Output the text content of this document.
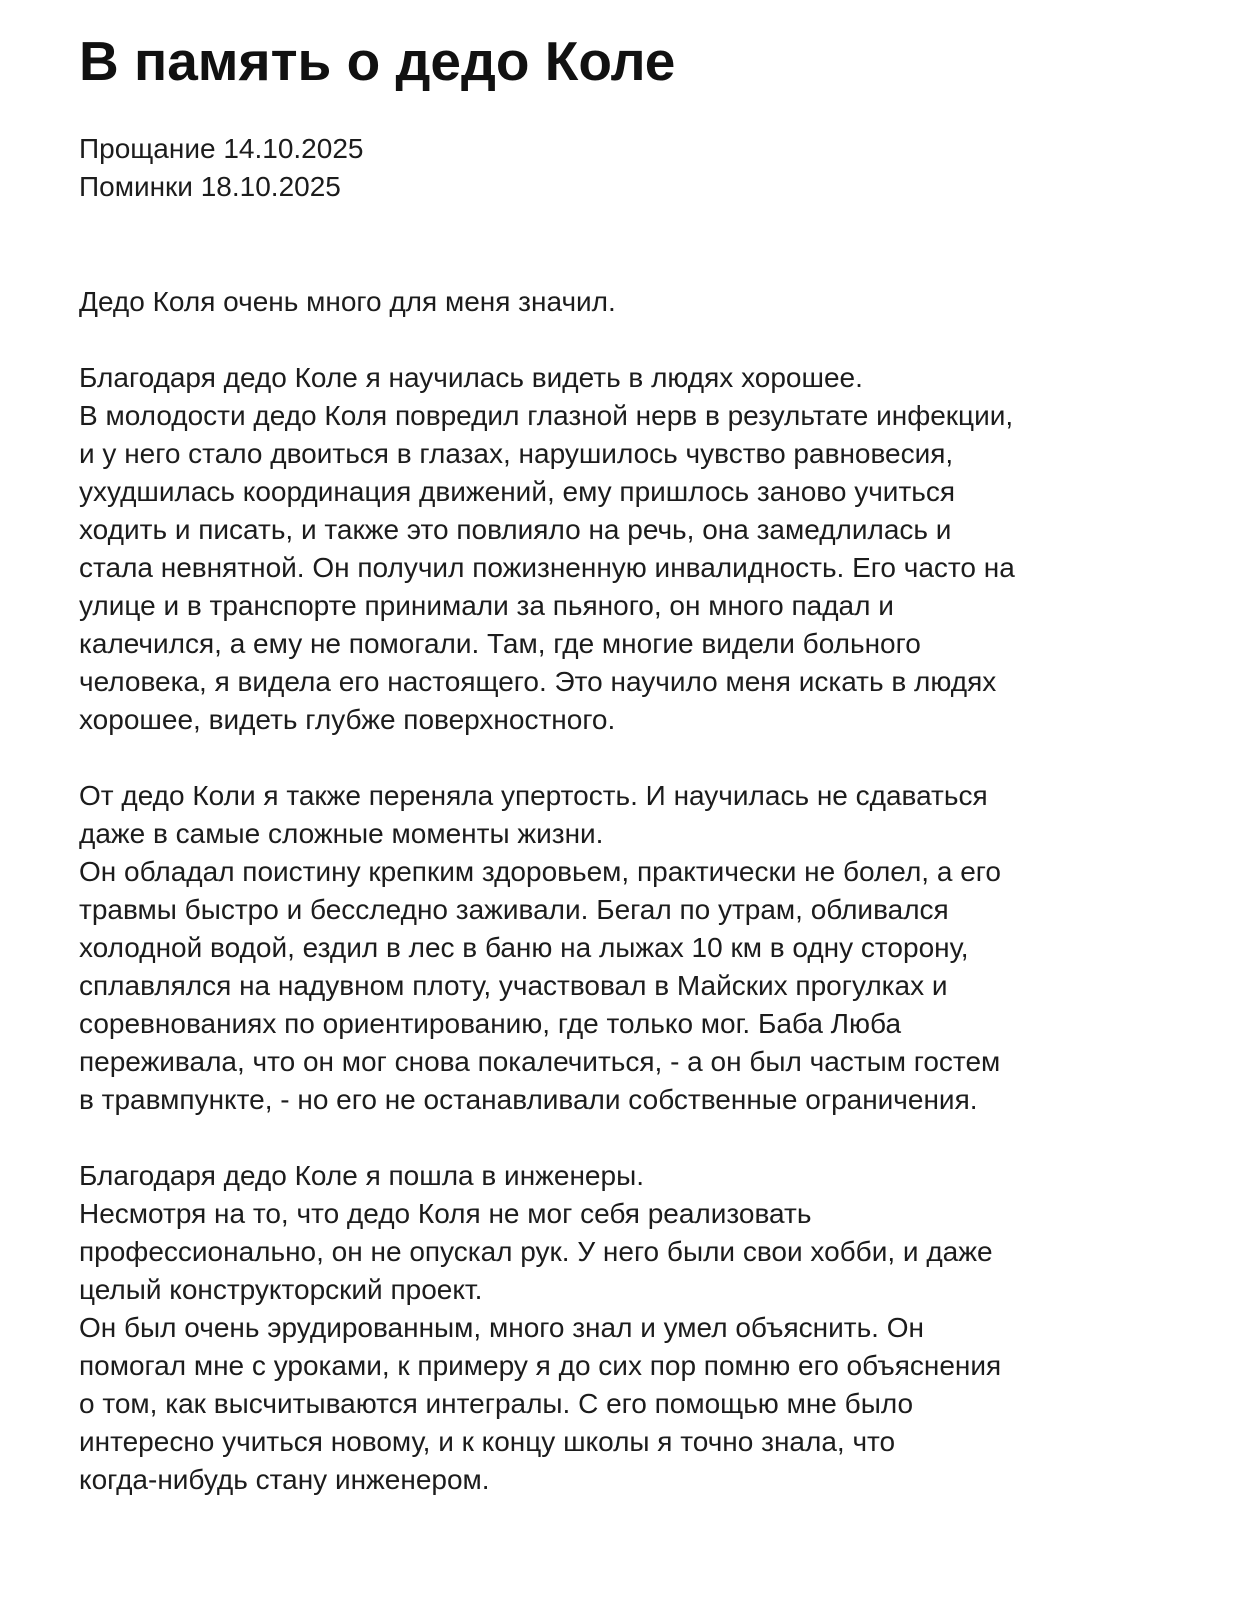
В память о дедо Коле
Прощание 14.10.2025
Поминки 18.10.2025
Дедо Коля очень много для меня значил.
Благодаря дедо Коле я научилась видеть в людях хорошее.
В молодости дедо Коля повредил глазной нерв в результате инфекции,
и у него стало двоиться в глазах, нарушилось чувство равновесия,
ухудшилась координация движений, ему пришлось заново учиться
ходить и писать, и также это повлияло на речь, она замедлилась и
стала невнятной. Он получил пожизненную инвалидность. Его часто на
улице и в транспорте принимали за пьяного, он много падал и
калечился, а ему не помогали. Там, где многие видели больного
человека, я видела его настоящего. Это научило меня искать в людях
хорошее, видеть глубже поверхностного.
От дедо Коли я также переняла упертость. И научилась не сдаваться
даже в самые сложные моменты жизни.
Он обладал поистину крепким здоровьем, практически не болел, а его
травмы быстро и бесследно заживали. Бегал по утрам, обливался
холодной водой, ездил в лес в баню на лыжах 10 км в одну сторону,
сплавлялся на надувном плоту, участвовал в Майских прогулках и
соревнованиях по ориентированию, где только мог. Баба Люба
переживала, что он мог снова покалечиться, - а он был частым гостем
в травмпункте, - но его не останавливали собственные ограничения.
Благодаря дедо Коле я пошла в инженеры.
Несмотря на то, что дедо Коля не мог себя реализовать
профессионально, он не опускал рук. У него были свои хобби, и даже
целый конструкторский проект.
Он был очень эрудированным, много знал и умел объяснить. Он
помогал мне с уроками, к примеру я до сих пор помню его объяснения
о том, как высчитываются интегралы. С его помощью мне было
интересно учиться новому, и к концу школы я точно знала, что
когда-нибудь стану инженером.
